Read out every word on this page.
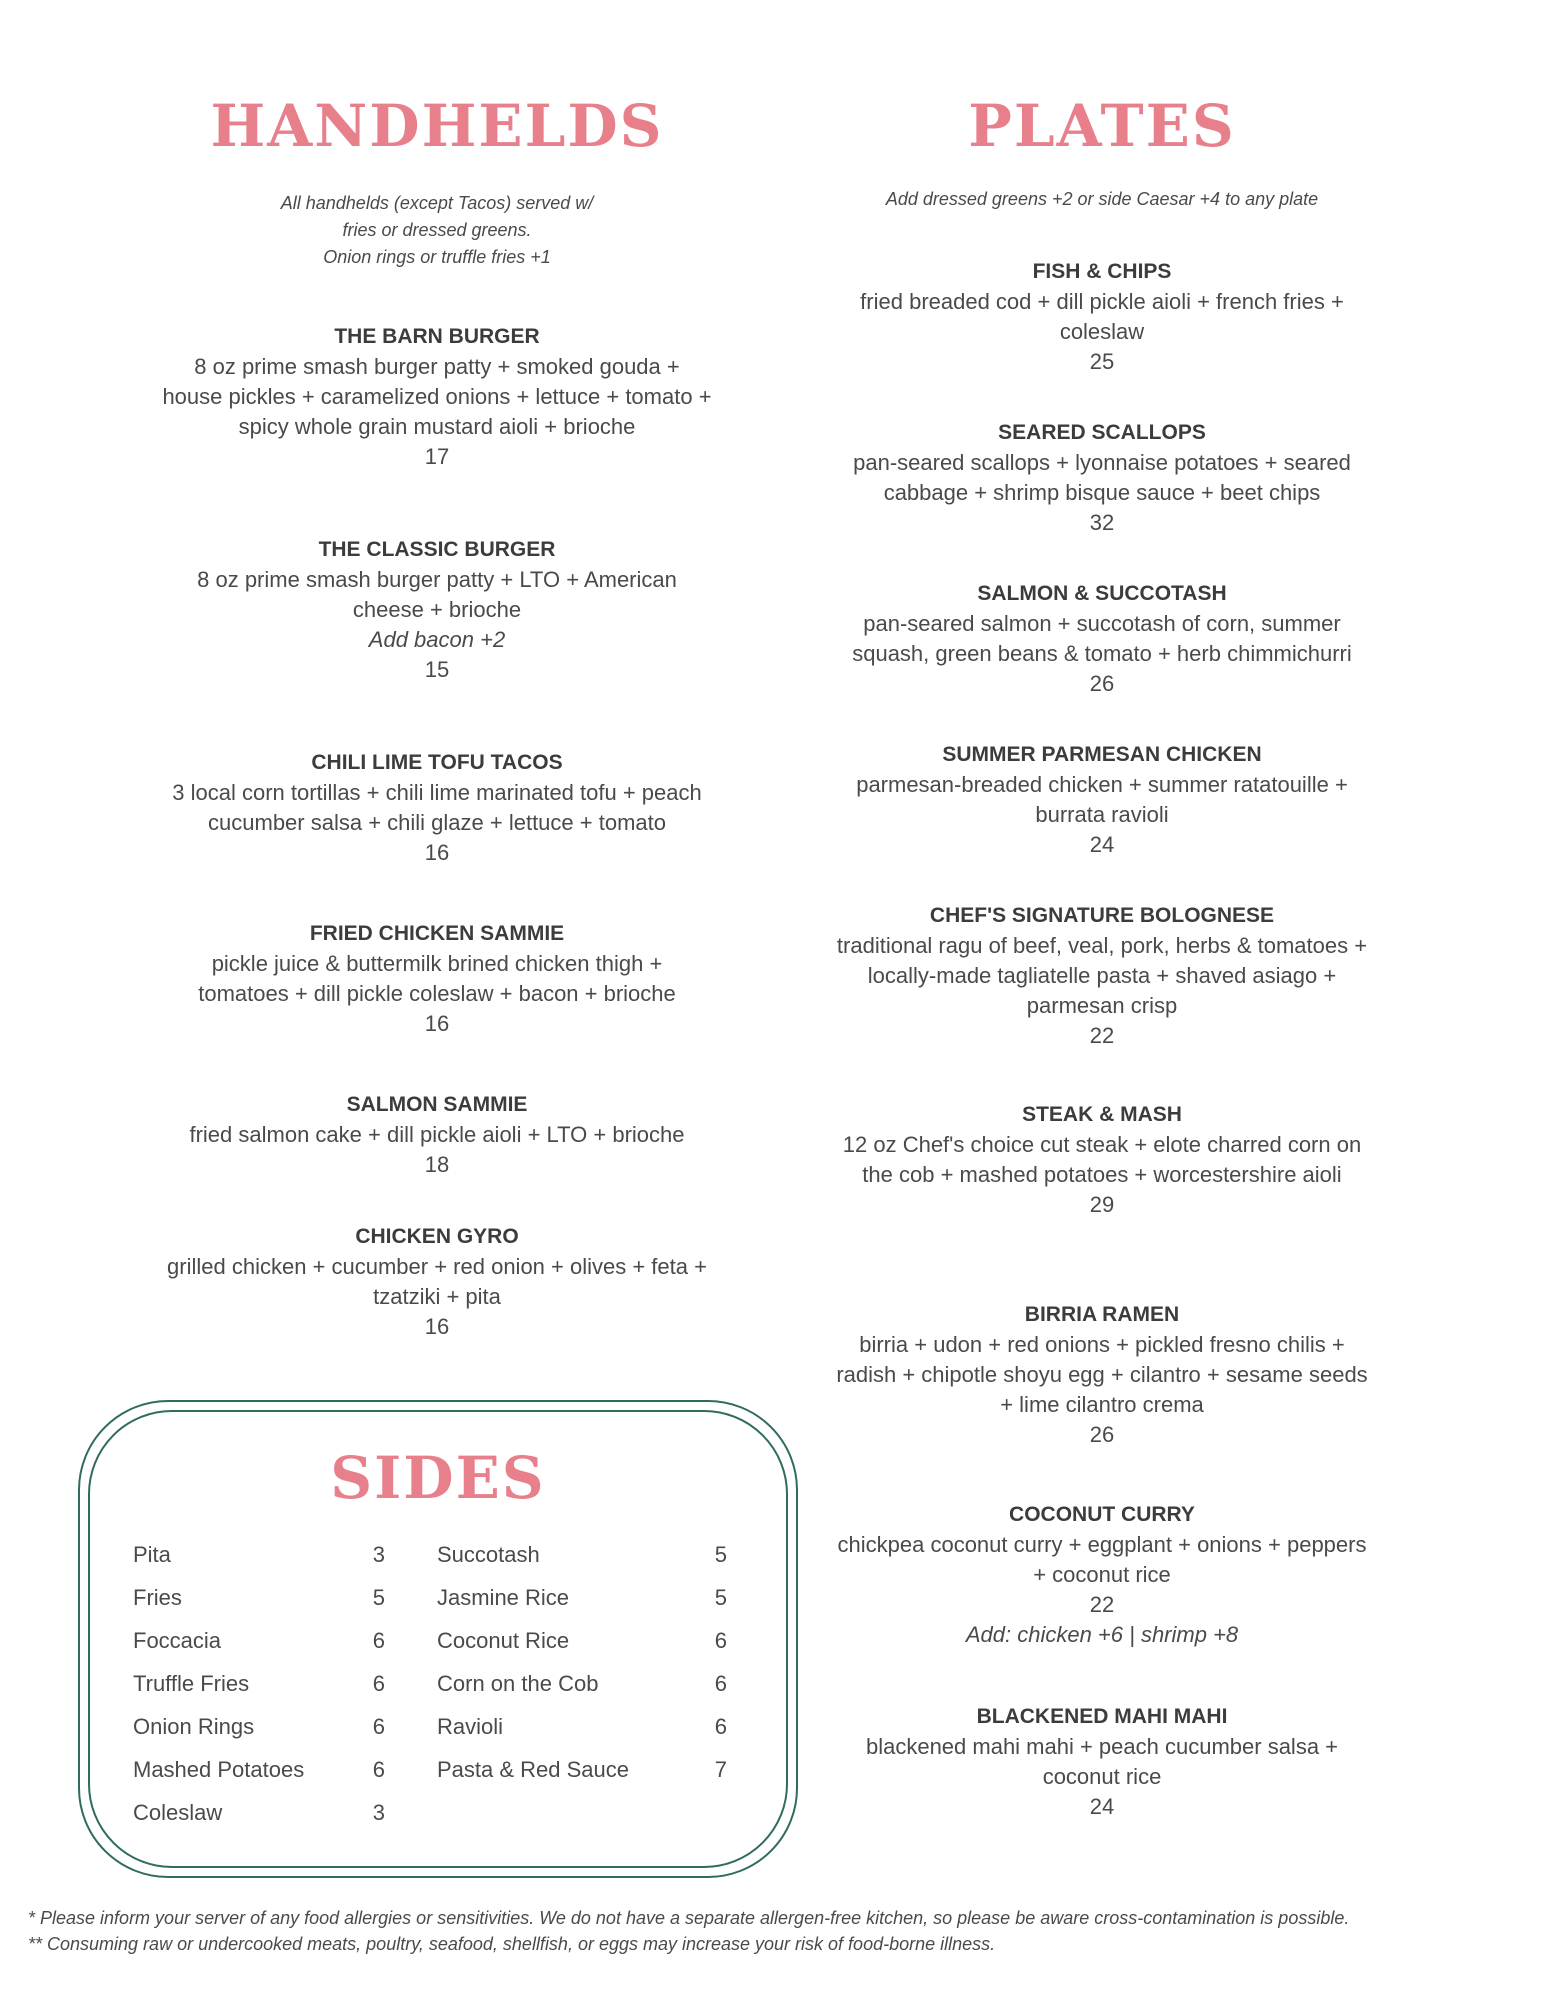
HANDHELDS
All handhelds (except Tacos) served w/
fries or dressed greens.
Onion rings or truffle fries +1
THE BARN BURGER
8 oz prime smash burger patty + smoked gouda +
house pickles + caramelized onions + lettuce + tomato +
spicy whole grain mustard aioli + brioche
17
THE CLASSIC BURGER
8 oz prime smash burger patty + LTO + American
cheese + brioche
Add bacon +2
15
CHILI LIME TOFU TACOS
3 local corn tortillas + chili lime marinated tofu + peach
cucumber salsa + chili glaze + lettuce + tomato
16
FRIED CHICKEN SAMMIE
pickle juice & buttermilk brined chicken thigh +
tomatoes + dill pickle coleslaw + bacon + brioche
16
SALMON SAMMIE
fried salmon cake + dill pickle aioli + LTO + brioche
18
CHICKEN GYRO
grilled chicken + cucumber + red onion + olives + feta +
tzatziki + pita
16
PLATES
Add dressed greens +2 or side Caesar +4 to any plate
FISH & CHIPS
fried breaded cod + dill pickle aioli + french fries +
coleslaw
25
SEARED SCALLOPS
pan-seared scallops + lyonnaise potatoes + seared
cabbage + shrimp bisque sauce + beet chips
32
SALMON & SUCCOTASH
pan-seared salmon + succotash of corn, summer
squash, green beans & tomato + herb chimmichurri
26
SUMMER PARMESAN CHICKEN
parmesan-breaded chicken + summer ratatouille +
burrata ravioli
24
CHEF'S SIGNATURE BOLOGNESE
traditional ragu of beef, veal, pork, herbs & tomatoes +
locally-made tagliatelle pasta + shaved asiago +
parmesan crisp
22
STEAK & MASH
12 oz Chef's choice cut steak + elote charred corn on
the cob + mashed potatoes + worcestershire aioli
29
BIRRIA RAMEN
birria + udon + red onions + pickled fresno chilis +
radish + chipotle shoyu egg + cilantro + sesame seeds
+ lime cilantro crema
26
COCONUT CURRY
chickpea coconut curry + eggplant + onions + peppers
+ coconut rice
22
Add: chicken +6 | shrimp +8
BLACKENED MAHI MAHI
blackened mahi mahi + peach cucumber salsa +
coconut rice
24
SIDES
Pita	3
Fries	5
Foccacia	6
Truffle Fries	6
Onion Rings	6
Mashed Potatoes	6
Coleslaw	3
Succotash	5
Jasmine Rice	5
Coconut Rice	6
Corn on the Cob	6
Ravioli	6
Pasta & Red Sauce	7
* Please inform your server of any food allergies or sensitivities. We do not have a separate allergen-free kitchen, so please be aware cross-contamination is possible.
** Consuming raw or undercooked meats, poultry, seafood, shellfish, or eggs may increase your risk of food-borne illness.
